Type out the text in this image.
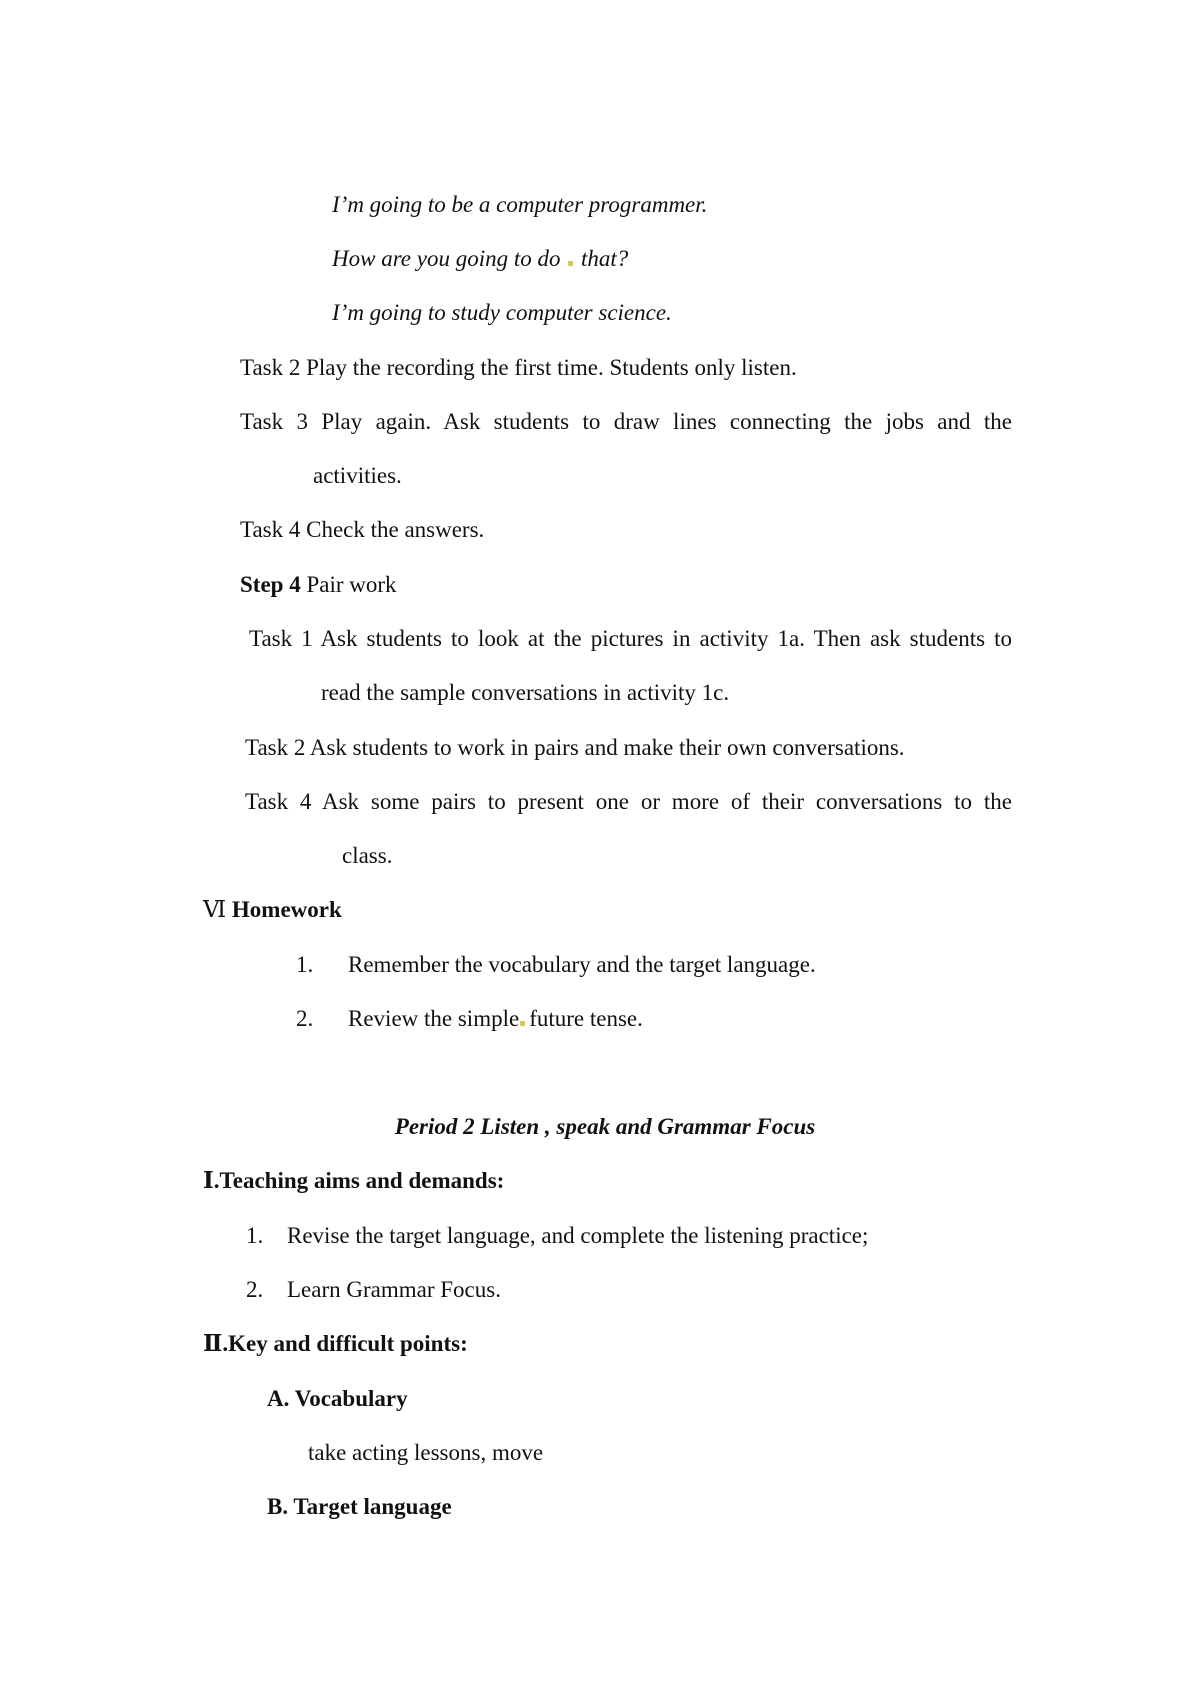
I’m going to be a computer programmer.
How are you going to do that?
I’m going to study computer science.
Task 2 Play the recording the first time. Students only listen.
Task 3 Play again. Ask students to draw lines connecting the jobs and the
activities.
Task 4 Check the answers.
Step 4 Pair work
Task 1 Ask students to look at the pictures in activity 1a. Then ask students to
read the sample conversations in activity 1c.
Task 2 Ask students to work in pairs and make their own conversations.
Task 4 Ask some pairs to present one or more of their conversations to the
class.
Ⅵ Homework
1. Remember the vocabulary and the target language.
2. Review the simple future tense.
Period 2 Listen , speak and Grammar Focus
Ⅰ.Teaching aims and demands:
1. Revise the target language, and complete the listening practice;
2. Learn Grammar Focus.
Ⅱ.Key and difficult points:
A. Vocabulary
take acting lessons, move
B. Target language
